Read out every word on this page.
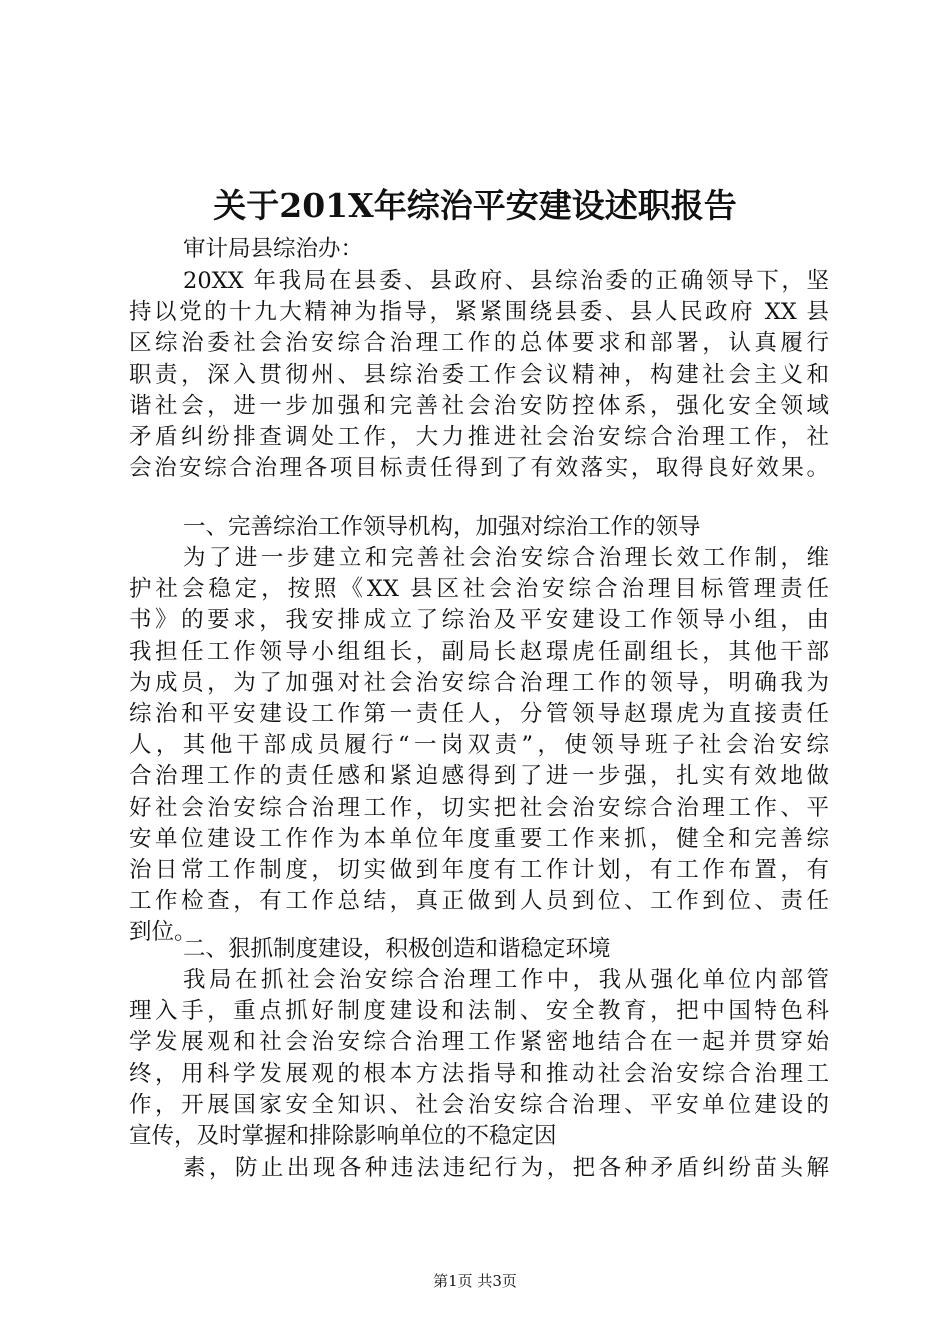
关于201X年综治平安建设述职报告
审计局县综治办：
20XX 年我局在县委、县政府、县综治委的正确领导下，坚
持以党的十九大精神为指导，紧紧围绕县委、县人民政府 XX 县
区综治委社会治安综合治理工作的总体要求和部署，认真履行
职责，深入贯彻州、县综治委工作会议精神，构建社会主义和
谐社会，进一步加强和完善社会治安防控体系，强化安全领域
矛盾纠纷排查调处工作，大力推进社会治安综合治理工作，社
会治安综合治理各项目标责任得到了有效落实，取得良好效果。
一、完善综治工作领导机构，加强对综治工作的领导
为了进一步建立和完善社会治安综合治理长效工作制，维
护社会稳定，按照《XX 县区社会治安综合治理目标管理责任
书》的要求，我安排成立了综治及平安建设工作领导小组，由
我担任工作领导小组组长，副局长赵璟虎任副组长，其他干部
为成员，为了加强对社会治安综合治理工作的领导，明确我为
综治和平安建设工作第一责任人，分管领导赵璟虎为直接责任
人，其他干部成员履行“一岗双责”，使领导班子社会治安综
合治理工作的责任感和紧迫感得到了进一步强，扎实有效地做
好社会治安综合治理工作，切实把社会治安综合治理工作、平
安单位建设工作作为本单位年度重要工作来抓，健全和完善综
治日常工作制度，切实做到年度有工作计划，有工作布置，有
工作检查，有工作总结，真正做到人员到位、工作到位、责任
到位。
二、狠抓制度建设，积极创造和谐稳定环境
我局在抓社会治安综合治理工作中，我从强化单位内部管
理入手，重点抓好制度建设和法制、安全教育，把中国特色科
学发展观和社会治安综合治理工作紧密地结合在一起并贯穿始
终，用科学发展观的根本方法指导和推动社会治安综合治理工
作，开展国家安全知识、社会治安综合治理、平安单位建设的
宣传，及时掌握和排除影响单位的不稳定因
素，防止出现各种违法违纪行为，把各种矛盾纠纷苗头解
第1页 共3页
